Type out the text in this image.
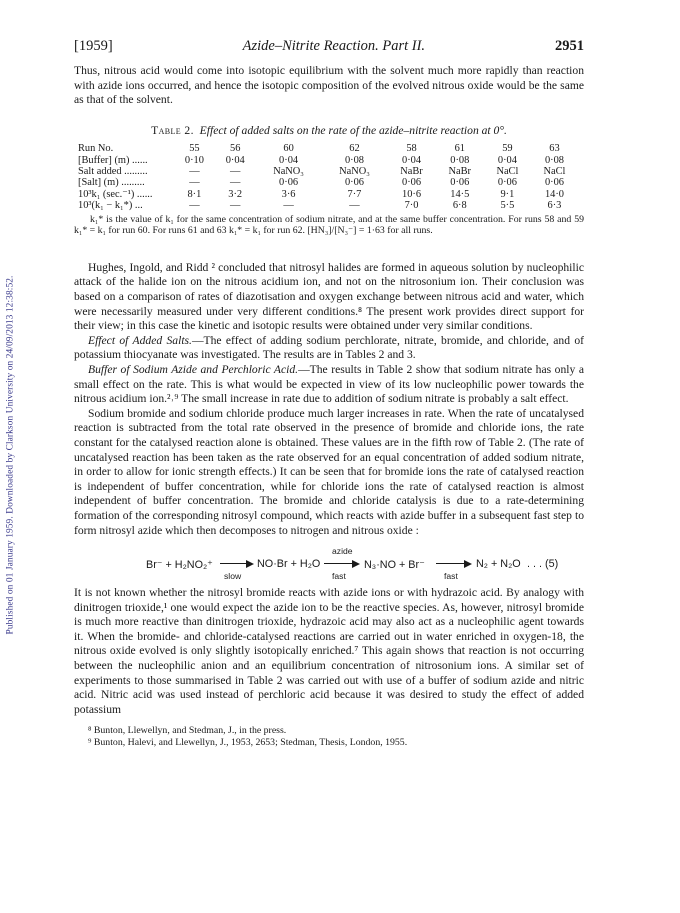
Published on 01 January 1959. Downloaded by Clarkson University on 24/09/2013 12:38:52.
[1959]	Azide–Nitrite Reaction. Part II.	2951

Thus, nitrous acid would come into isotopic equilibrium with the solvent much more rapidly than reaction with azide ions occurred, and hence the isotopic composition of the evolved nitrous oxide would be the same as that of the solvent.

Table 2. Effect of added salts on the rate of the azide–nitrite reaction at 0°.
Run No.	55	56	60	62	58	61	59	63
[Buffer] (m) ......	0·10	0·04	0·04	0·08	0·04	0·08	0·04	0·08
Salt added .........	—	—	NaNO₃	NaNO₃	NaBr	NaBr	NaCl	NaCl
[Salt] (m) .........	—	—	0·06	0·06	0·06	0·06	0·06	0·06
10³k₁ (sec.⁻¹) ......	8·1	3·2	3·6	7·7	10·6	14·5	9·1	14·0
10³(k₁ − k₁*) ...	—	—	—	—	7·0	6·8	5·5	6·3
k₁* is the value of k₁ for the same concentration of sodium nitrate, and at the same buffer concentration. For runs 58 and 59 k₁* = k₁ for run 60. For runs 61 and 63 k₁* = k₁ for run 62. [HN₃]/[N₃⁻] = 1·63 for all runs.

Hughes, Ingold, and Ridd ² concluded that nitrosyl halides are formed in aqueous solution by nucleophilic attack of the halide ion on the nitrous acidium ion, and not on the nitrosonium ion. Their conclusion was based on a comparison of rates of diazotisation and oxygen exchange between nitrous acid and water, which were necessarily measured under very different conditions.⁸ The present work provides direct support for their view; in this case the kinetic and isotopic results were obtained under very similar conditions.

Effect of Added Salts.—The effect of adding sodium perchlorate, nitrate, bromide, and chloride, and of potassium thiocyanate was investigated. The results are in Tables 2 and 3.

Buffer of Sodium Azide and Perchloric Acid.—The results in Table 2 show that sodium nitrate has only a small effect on the rate. This is what would be expected in view of its low nucleophilic power towards the nitrous acidium ion.²˒⁹ The small increase in rate due to addition of sodium nitrate is probably a salt effect.

Sodium bromide and sodium chloride produce much larger increases in rate. When the rate of uncatalysed reaction is subtracted from the total rate observed in the presence of bromide and chloride ions, the rate constant for the catalysed reaction alone is obtained. These values are in the fifth row of Table 2. (The rate of uncatalysed reaction has been taken as the rate observed for an equal concentration of added sodium nitrate, in order to allow for ionic strength effects.) It can be seen that for bromide ions the rate of catalysed reaction is independent of buffer concentration, while for chloride ions the rate of catalysed reaction is almost independent of buffer concentration. The bromide and chloride catalysis is due to a rate-determining formation of the corresponding nitrosyl compound, which reacts with azide buffer in a subsequent fast step to form nitrosyl azide which then decomposes to nitrogen and nitrous oxide :

Br⁻ + H₂NO₂⁺
slow
NO·Br + H₂O
azide
fast
N₃·NO + Br⁻
fast
N₂ + N₂O . . . (5)

It is not known whether the nitrosyl bromide reacts with azide ions or with hydrazoic acid. By analogy with dinitrogen trioxide,¹ one would expect the azide ion to be the reactive species. As, however, nitrosyl bromide is much more reactive than dinitrogen trioxide, hydrazoic acid may also act as a nucleophilic agent towards it. When the bromide- and chloride-catalysed reactions are carried out in water enriched in oxygen-18, the nitrous oxide evolved is only slightly isotopically enriched.⁷ This again shows that reaction is not occurring between the nucleophilic anion and an equilibrium concentration of nitrosonium ions. A similar set of experiments to those summarised in Table 2 was carried out with use of a buffer of sodium azide and nitric acid. Nitric acid was used instead of perchloric acid because it was desired to study the effect of added potassium

⁸ Bunton, Llewellyn, and Stedman, J., in the press.
⁹ Bunton, Halevi, and Llewellyn, J., 1953, 2653; Stedman, Thesis, London, 1955.
